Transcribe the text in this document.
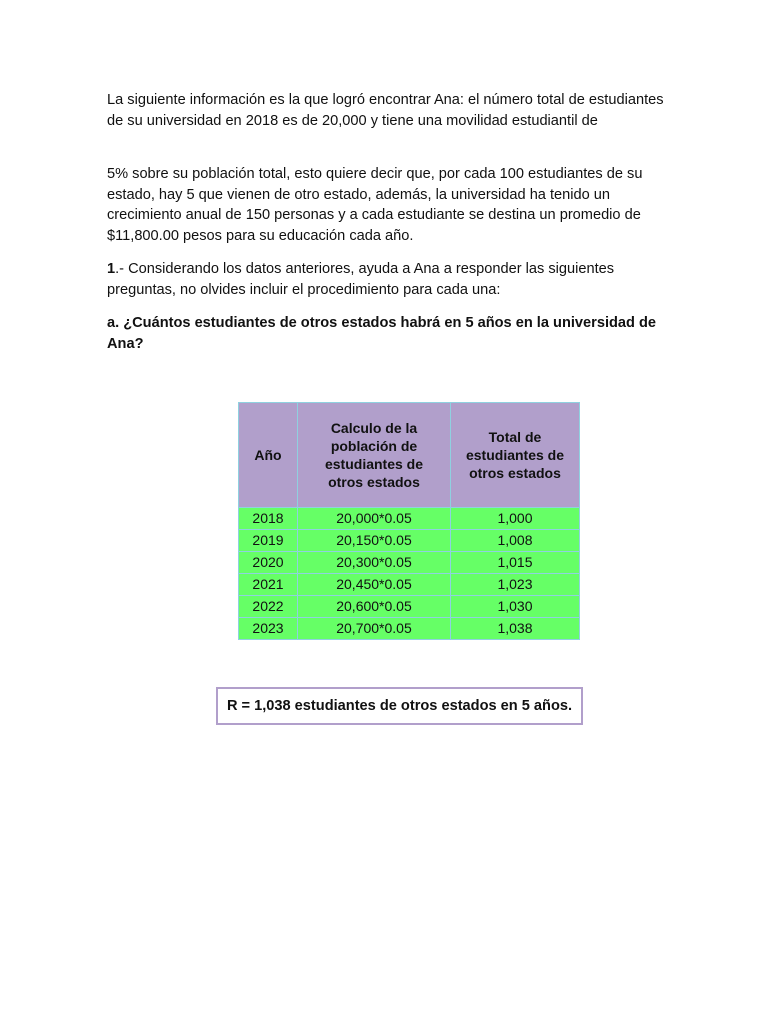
La siguiente información es la que logró encontrar Ana: el número total de estudiantes de su universidad en 2018 es de 20,000 y tiene una movilidad estudiantil de

5% sobre su población total, esto quiere decir que, por cada 100 estudiantes de su estado, hay 5 que vienen de otro estado, además, la universidad ha tenido un crecimiento anual de 150 personas y a cada estudiante se destina un promedio de $11,800.00 pesos para su educación cada año.

1.- Considerando los datos anteriores, ayuda a Ana a responder las siguientes preguntas, no olvides incluir el procedimiento para cada una:

a. ¿Cuántos estudiantes de otros estados habrá en 5 años en la universidad de Ana?

Año	Calculo de la población de estudiantes de otros estados	Total de estudiantes de otros estados

2018	20,000*0.05	1,000
2019	20,150*0.05	1,008
2020	20,300*0.05	1,015
2021	20,450*0.05	1,023
2022	20,600*0.05	1,030
2023	20,700*0.05	1,038
R = 1,038 estudiantes de otros estados en 5 años.
